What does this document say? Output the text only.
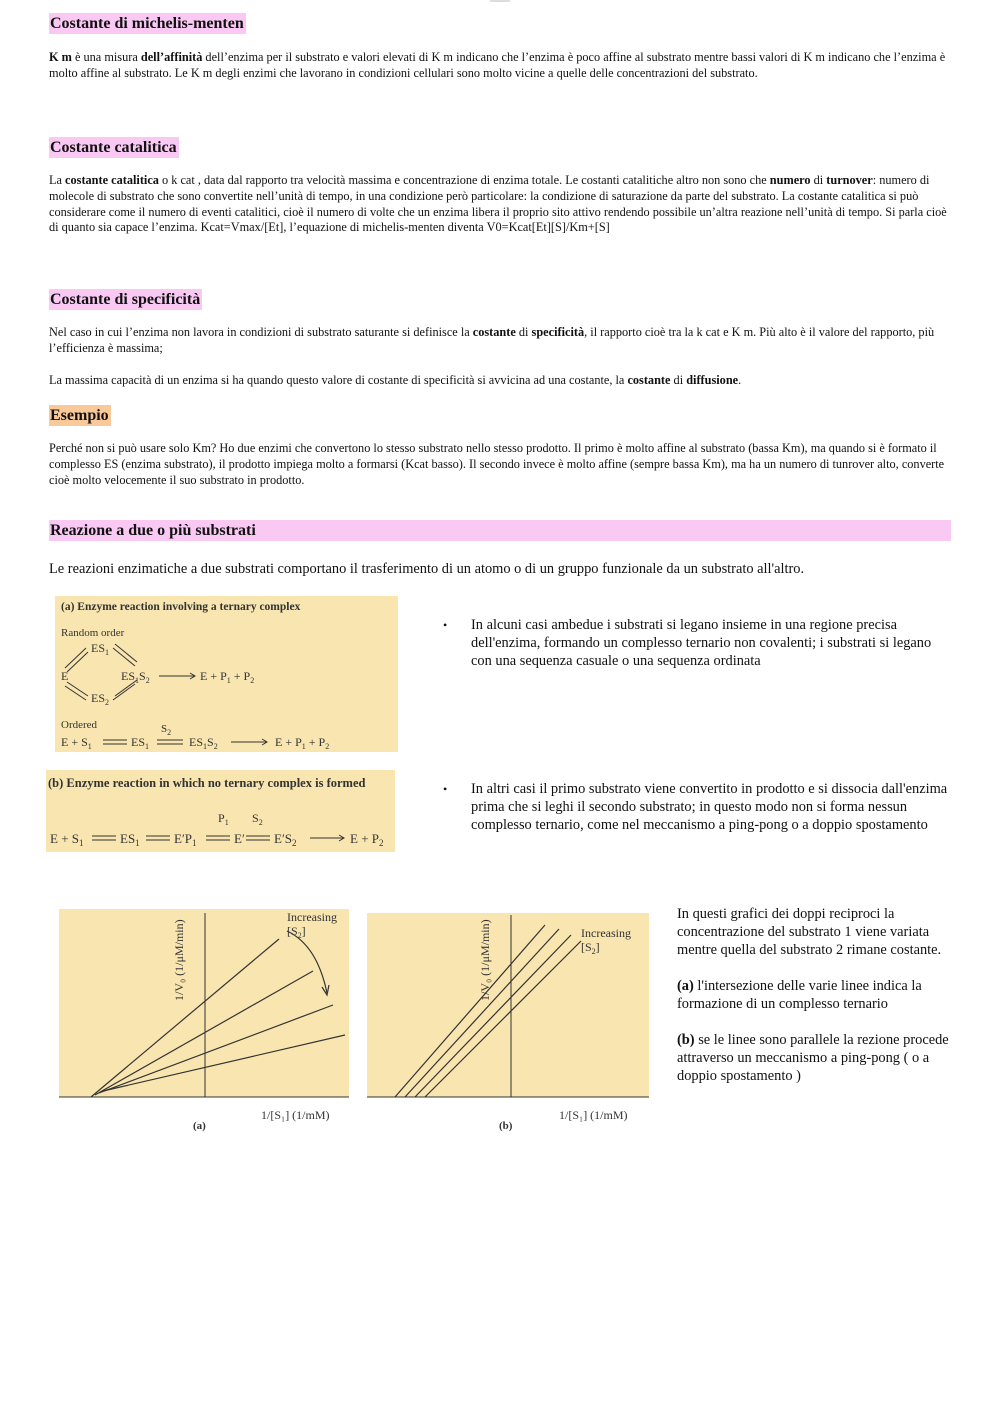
Costante di michelis-menten

K m è una misura dell’affinità dell’enzima per il substrato e valori elevati di K m indicano che l’enzima è poco affine al substrato mentre bassi valori di K m indicano che l’enzima è molto affine al substrato. Le K m degli enzimi che lavorano in condizioni cellulari sono molto vicine a quelle delle concentrazioni del substrato.

Costante catalitica

La costante catalitica o k cat , data dal rapporto tra velocità massima e concentrazione di enzima totale. Le costanti catalitiche altro non sono che numero di turnover: numero di molecole di substrato che sono convertite nell’unità di tempo, in una condizione però particolare: la condizione di saturazione da parte del substrato. La costante catalitica si può considerare come il numero di eventi catalitici, cioè il numero di volte che un enzima libera il proprio sito attivo rendendo possibile un’altra reazione nell’unità di tempo. Si parla cioè di quanto sia capace l’enzima. Kcat=Vmax/[Et], l’equazione di michelis-menten diventa V0=Kcat[Et][S]/Km+[S]

Costante di specificità

Nel caso in cui l’enzima non lavora in condizioni di substrato saturante si definisce la costante di specificità, il rapporto cioè tra la k cat e K m. Più alto è il valore del rapporto, più l’efficienza è massima;

La massima capacità di un enzima si ha quando questo valore di costante di specificità si avvicina ad una costante, la costante di diffusione.

Esempio

Perché non si può usare solo Km? Ho due enzimi che convertono lo stesso substrato nello stesso prodotto. Il primo è molto affine al substrato (bassa Km), ma quando si è formato il complesso ES (enzima substrato), il prodotto impiega molto a formarsi (Kcat basso). Il secondo invece è molto affine (sempre bassa Km), ma ha un numero di tunrover alto, converte cioè molto velocemente il suo substrato in prodotto.

Reazione a due o più substrati
Le reazioni enzimatiche a due substrati comportano il trasferimento di un atomo o di un gruppo funzionale da un substrato all'altro.
• In alcuni casi ambedue i substrati si legano insieme in una regione precisa dell'enzima, formando un complesso ternario non covalenti; i substrati si legano con una sequenza casuale o una sequenza ordinata
• In altri casi il primo substrato viene convertito in prodotto e si dissocia dall'enzima prima che si leghi il secondo substrato; in questo modo non si forma nessun complesso ternario, come nel meccanismo a ping-pong o a doppio spostamento
In questi grafici dei doppi reciproci la concentrazione del substrato 1 viene variata mentre quella del substrato 2 rimane costante.
(a) l'intersezione delle varie linee indica la formazione di un complesso ternario
(b) se le linee sono parallele la rezione procede attraverso un meccanismo a ping-pong ( o a doppio spostamento )
(a) Enzyme reaction involving a ternary complex
Random order
E
$ES_1$
$ES_2$
$ES_1S_2$	$E + P_1 + P_2$
Ordered	$S_2$
$E + S_1$	$ES_1$	$ES_1S_2$	$E + P_1 + P_2$
(b) Enzyme reaction in which no ternary complex is formed
$P_1$ $S_2$
$E + S_1$	$ES_1$	$E'P_1$	E′ $E'S_2$	$E + P_2$
Increasing
$[S_2]$
1/V₀ (1/μM/min)
1/[S₁] (1/mM)
(a)
Increasing
$[S_2]$
1/V₀ (1/μM/min)
1/[S₁] (1/mM)
(b)
